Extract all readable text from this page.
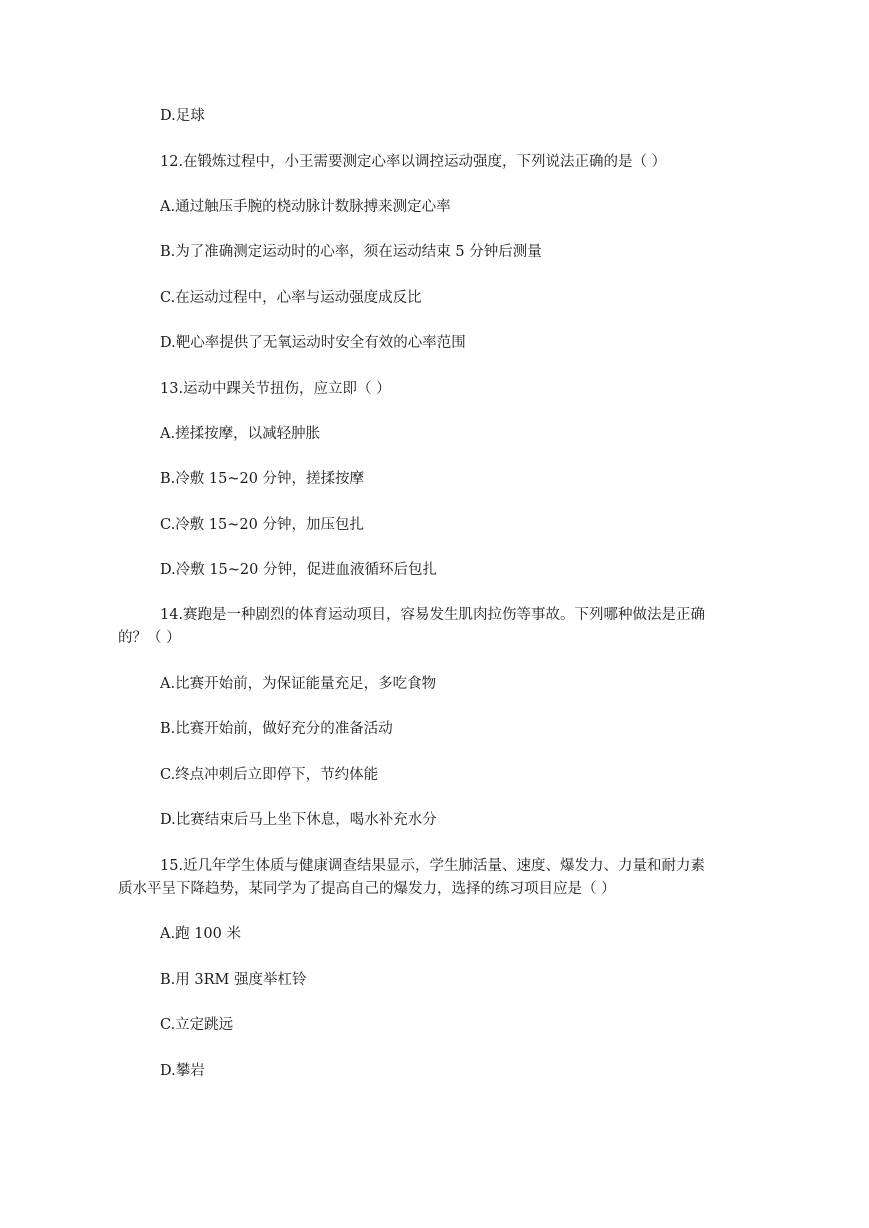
D.足球
12.在锻炼过程中，小王需要测定心率以调控运动强度，下列说法正确的是（ ）
A.通过触压手腕的桡动脉计数脉搏来测定心率
B.为了准确测定运动时的心率，须在运动结束 5 分钟后测量
C.在运动过程中，心率与运动强度成反比
D.靶心率提供了无氧运动时安全有效的心率范围
13.运动中踝关节扭伤，应立即（ ）
A.搓揉按摩，以减轻肿胀
B.冷敷 15~20 分钟，搓揉按摩
C.冷敷 15~20 分钟，加压包扎
D.冷敷 15~20 分钟，促进血液循环后包扎
14.赛跑是一种剧烈的体育运动项目，容易发生肌肉拉伤等事故。下列哪种做法是正确
的？（ ）
A.比赛开始前，为保证能量充足，多吃食物
B.比赛开始前，做好充分的准备活动
C.终点冲刺后立即停下，节约体能
D.比赛结束后马上坐下休息，喝水补充水分
15.近几年学生体质与健康调查结果显示，学生肺活量、速度、爆发力、力量和耐力素
质水平呈下降趋势，某同学为了提高自己的爆发力，选择的练习项目应是（ ）
A.跑 100 米
B.用 3RM 强度举杠铃
C.立定跳远
D.攀岩
